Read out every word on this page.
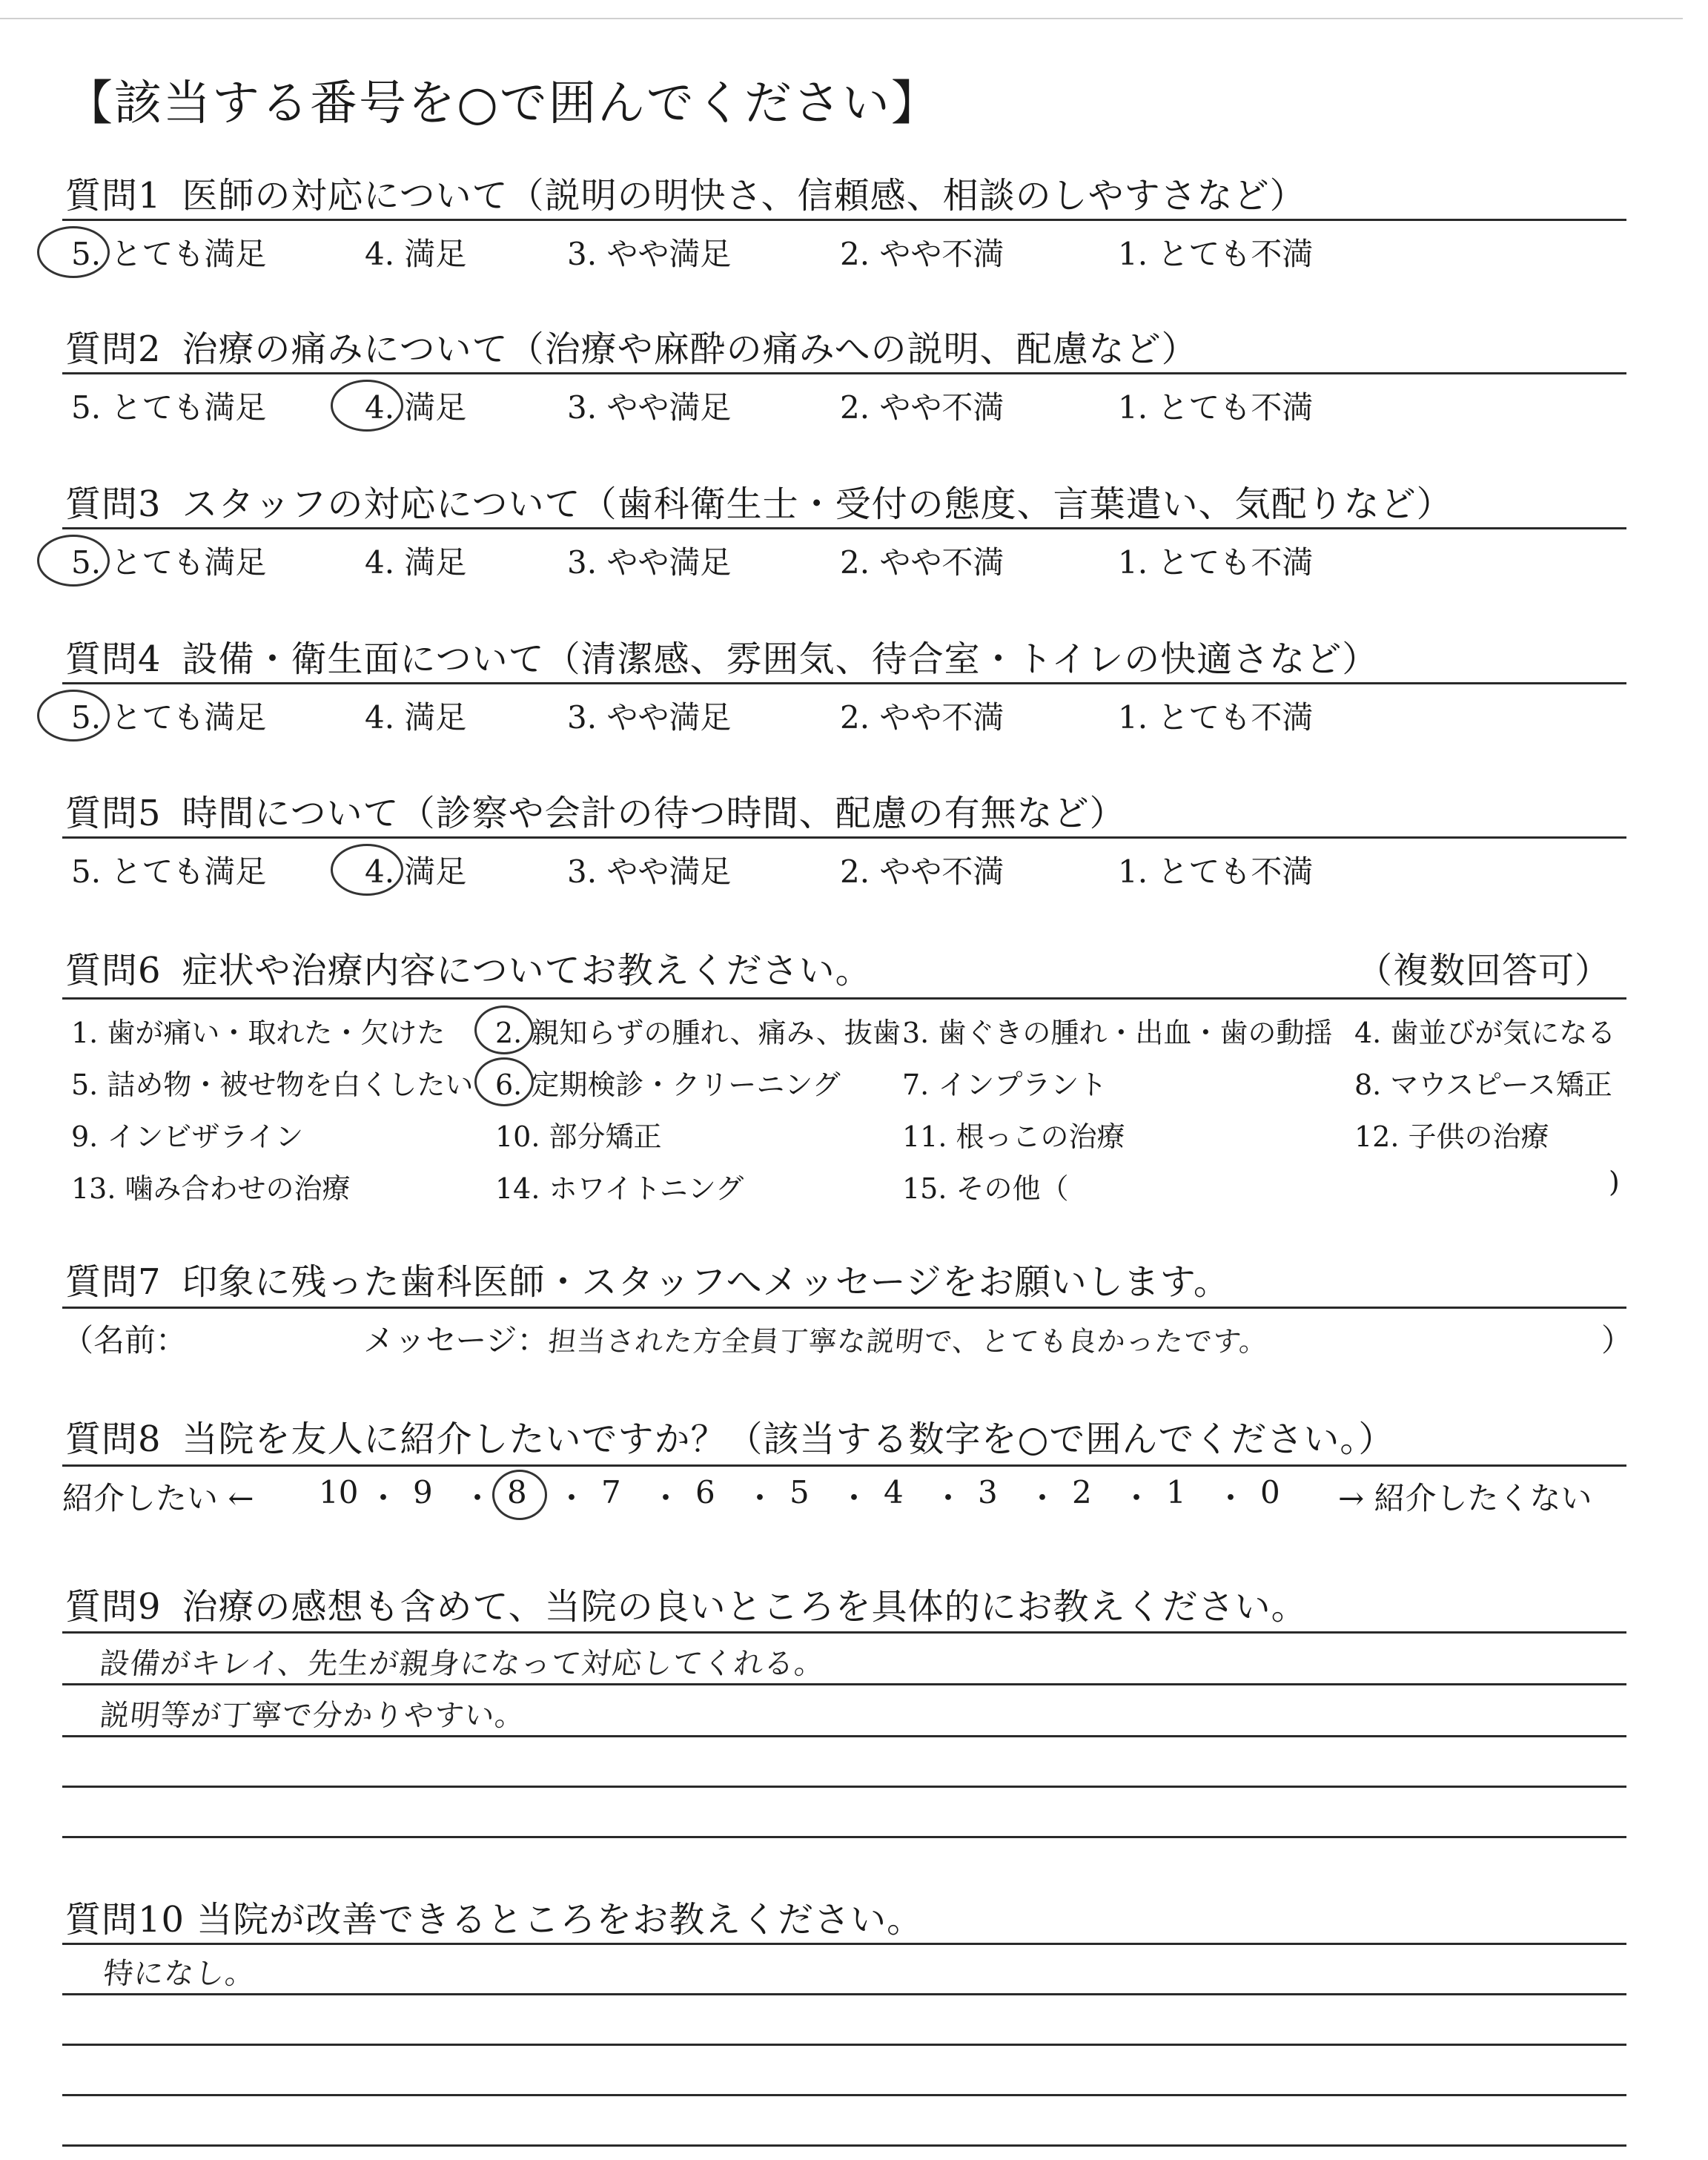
【該当する番号を○で囲んでください】
質問1 医師の対応について（説明の明快さ、信頼感、相談のしやすさなど）
5. とても満足	4. 満足	3. やや満足	2. やや不満	1. とても不満
質問2 治療の痛みについて（治療や麻酔の痛みへの説明、配慮など）
5. とても満足	4. 満足	3. やや満足	2. やや不満	1. とても不満
質問3 スタッフの対応について（歯科衛生士・受付の態度、言葉遣い、気配りなど）
5. とても満足	4. 満足	3. やや満足	2. やや不満	1. とても不満
質問4 設備・衛生面について（清潔感、雰囲気、待合室・トイレの快適さなど）
5. とても満足	4. 満足	3. やや満足	2. やや不満	1. とても不満
質問5 時間について（診察や会計の待つ時間、配慮の有無など）
5. とても満足	4. 満足	3. やや満足	2. やや不満	1. とても不満
質問6 症状や治療内容についてお教えください。	（複数回答可）
1. 歯が痛い・取れた・欠けた 2. 親知らずの腫れ、痛み、抜歯 3. 歯ぐきの腫れ・出血・歯の動揺 4. 歯並びが気になる
5. 詰め物・被せ物を白くしたい 6. 定期検診・クリーニング 7. インプラント	8. マウスピース矯正
9. インビザライン	10. 部分矯正	11. 根っこの治療	12. 子供の治療
13. 噛み合わせの治療	14. ホワイトニング	15. その他（	)
質問7 印象に残った歯科医師・スタッフへメッセージをお願いします。
（名前：	メッセージ：
担当された方全員丁寧な説明で、とても良かったです。	）
質問8 当院を友人に紹介したいですか？（該当する数字を○で囲んでください。）
紹介したい ← 10 ・ 9 ・ 8 ・ 7 ・ 6 ・ 5 ・ 4 ・ 3 ・ 2 ・ 1 ・ 0 → 紹介したくない
質問9 治療の感想も含めて、当院の良いところを具体的にお教えください。
設備がキレイ、先生が親身になって対応してくれる。
説明等が丁寧で分かりやすい。
質問10 当院が改善できるところをお教えください。
特になし。
